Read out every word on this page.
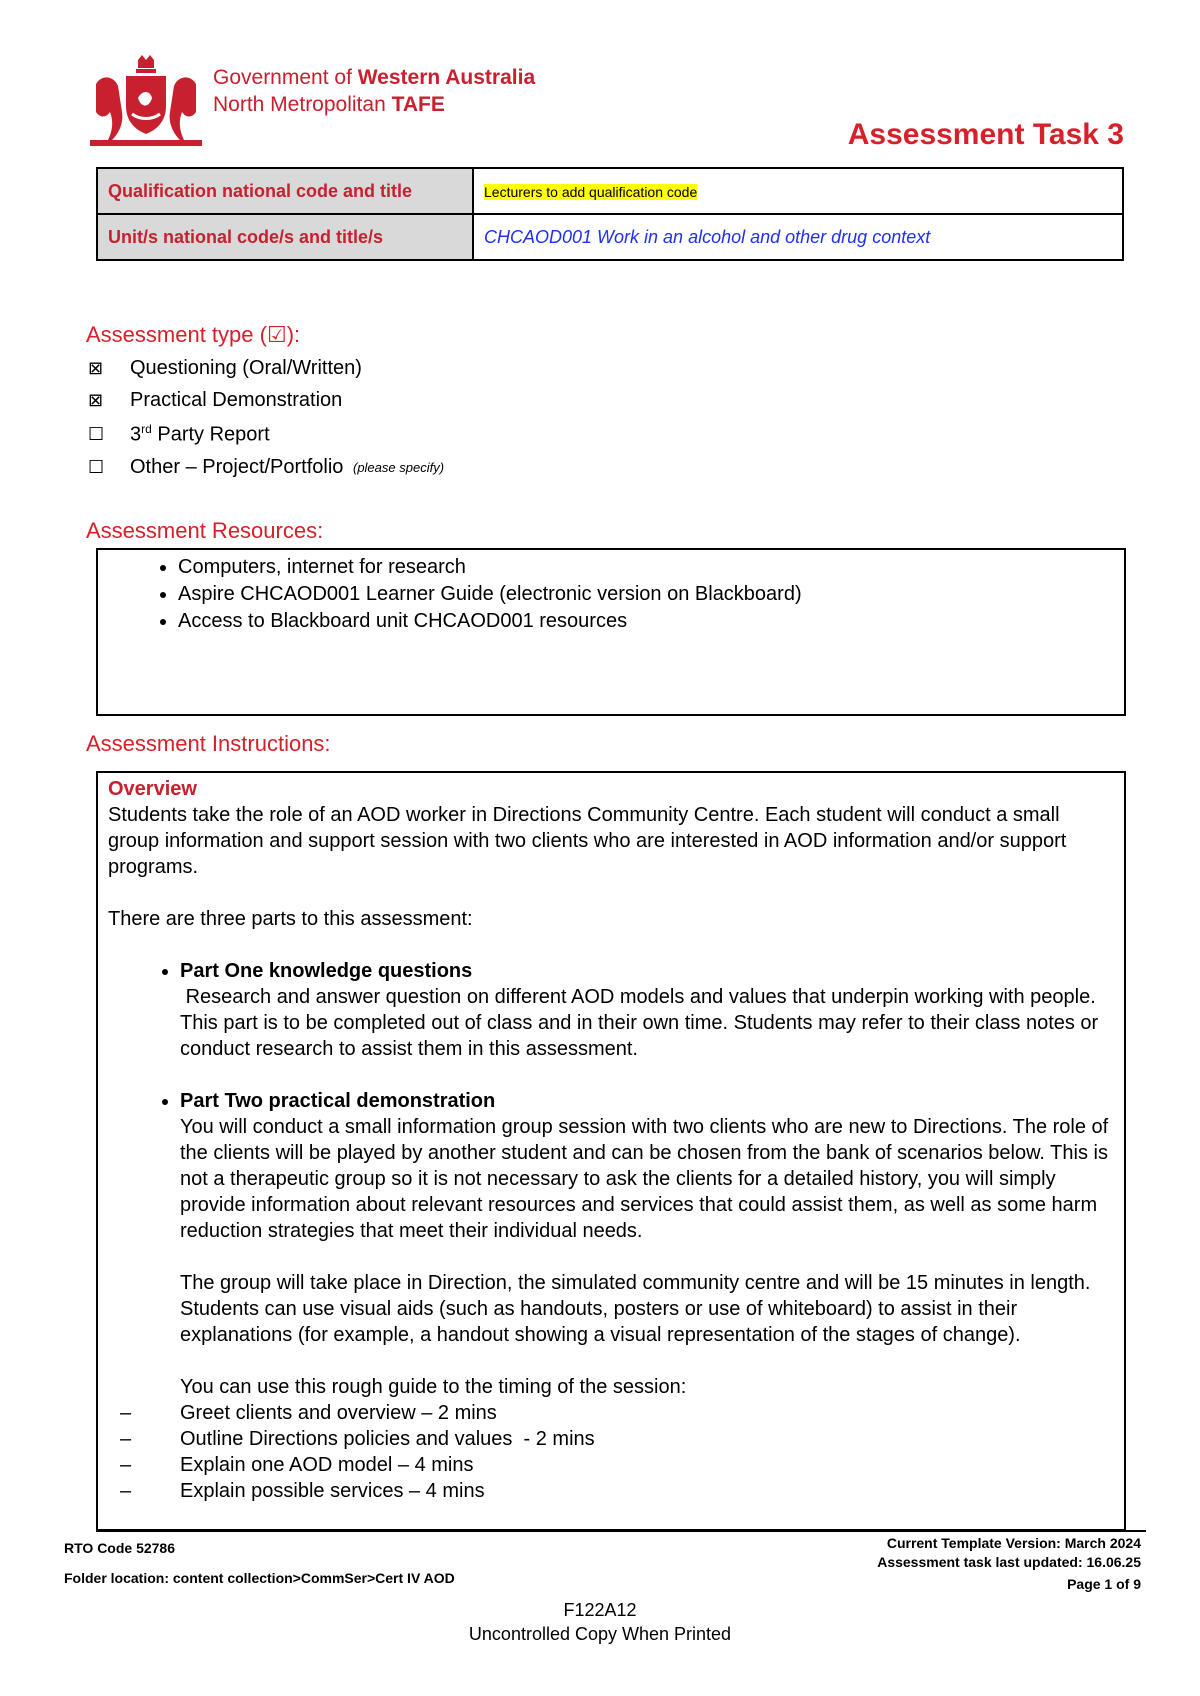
Government of Western Australia
North Metropolitan TAFE
Assessment Task 3
Qualification national code and title	Lecturers to add qualification code
Unit/s national code/s and title/s	CHCAOD001 Work in an alcohol and other drug context
Assessment type (☑):
⊠	Questioning (Oral/Written)
⊠	Practical Demonstration
☐ 3rd Party Report
☐ Other – Project/Portfolio (please specify)
Assessment Resources:
• Computers, internet for research
• Aspire CHCAOD001 Learner Guide (electronic version on Blackboard)
• Access to Blackboard unit CHCAOD001 resources
Assessment Instructions:
Overview
Students take the role of an AOD worker in Directions Community Centre. Each student will conduct a small group information and support session with two clients who are interested in AOD information and/or support programs.
There are three parts to this assessment:
• Part One knowledge questions
Research and answer question on different AOD models and values that underpin working with people. This part is to be completed out of class and in their own time. Students may refer to their class notes or conduct research to assist them in this assessment.
• Part Two practical demonstration
You will conduct a small information group session with two clients who are new to Directions. The role of the clients will be played by another student and can be chosen from the bank of scenarios below. This is not a therapeutic group so it is not necessary to ask the clients for a detailed history, you will simply provide information about relevant resources and services that could assist them, as well as some harm reduction strategies that meet their individual needs.
The group will take place in Direction, the simulated community centre and will be 15 minutes in length. Students can use visual aids (such as handouts, posters or use of whiteboard) to assist in their explanations (for example, a handout showing a visual representation of the stages of change).
You can use this rough guide to the timing of the session:
–	Greet clients and overview – 2 mins
–	Outline Directions policies and values  - 2 mins
–	Explain one AOD model – 4 mins
–	Explain possible services – 4 mins
RTO Code 52786
Folder location: content collection>CommSer>Cert IV AOD
Current Template Version: March 2024
Assessment task last updated: 16.06.25
Page 1 of 9
F122A12
Uncontrolled Copy When Printed
